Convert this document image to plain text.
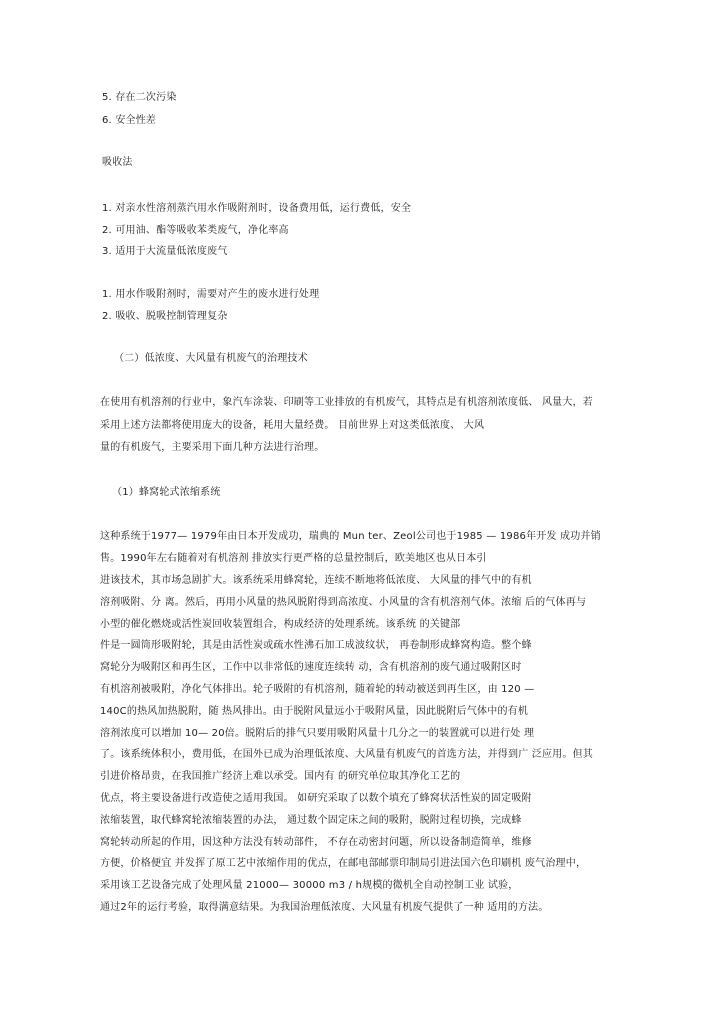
5. 存在二次污染
6. 安全性差
吸收法
1. 对亲水性溶剂蒸汽用水作吸附剂时，设备费用低，运行费低，安全
2. 可用油、酯等吸收苯类废气，净化率高
3. 适用于大流量低浓度废气
1. 用水作吸附剂时，需要对产生的废水进行处理
2. 吸收、脱吸控制管理复杂
（二）低浓度、大风量有机废气的治理技术
在使用有机溶剂的行业中，象汽车涂装、印刷等工业排放的有机废气，其特点是有机溶剂浓度低、 风量大，若
采用上述方法都将使用庞大的设备，耗用大量经费。 目前世界上对这类低浓度、 大风
量的有机废气，主要采用下面几种方法进行治理。
（1）蜂窝轮式浓缩系统
这种系统于1977— 1979年由日本开发成功，瑞典的 Mun ter、Zeol公司也于1985 — 1986年开发 成功并销
售。1990年左右随着对有机溶剂 排放实行更严格的总量控制后，欧美地区也从日本引
进该技术，其市场急剧扩大。该系统采用蜂窝轮，连续不断地将低浓度、 大风量的排气中的有机
溶剂吸附、分 离。然后，再用小风量的热风脱附得到高浓度、小风量的含有机溶剂气体。浓缩 后的气体再与
小型的催化燃烧或活性炭回收装置组合，构成经济的处理系统。该系统 的关键部
件是一圆筒形吸附轮，其是由活性炭或疏水性沸石加工成波纹状， 再卷制形成蜂窝构造。整个蜂
窝轮分为吸附区和再生区，工作中以非常低的速度连续转 动，含有机溶剂的废气通过吸附区时
有机溶剂被吸附，净化气体排出。轮子吸附的有机溶剂，随着轮的转动被送到再生区，由 120 —
140C的热风加热脱附，随 热风排出。由于脱附风量远小于吸附风量，因此脱附后气体中的有机
溶剂浓度可以增加 10— 20倍。脱附后的排气只要用吸附风量十几分之一的装置就可以进行处 理
了。该系统体积小，费用低，在国外已成为治理低浓度、大风量有机废气的首选方法，并得到广 泛应用。但其
引进价格昂贵，在我国推广经济上难以承受。国内有 的研究单位取其净化工艺的
优点，将主要设备进行改造使之适用我国。 如研究采取了以数个填充了蜂窝状活性炭的固定吸附
浓缩装置，取代蜂窝轮浓缩装置的办法， 通过数个固定床之间的吸附，脱附过程切换，完成蜂
窝轮转动所起的作用，因这种方法没有转动部件， 不存在动密封问题，所以设备制造简单，维修
方便，价格便宜 并发挥了原工艺中浓缩作用的优点，在邮电部邮票印制局引进法国六色印刷机 废气治理中，
采用该工艺设备完成了处理风量 21000— 30000 m3 / h规模的微机全自动控制工业 试验，
通过2年的运行考验，取得满意结果。为我国治理低浓度、大风量有机废气提供了一种 适用的方法。
